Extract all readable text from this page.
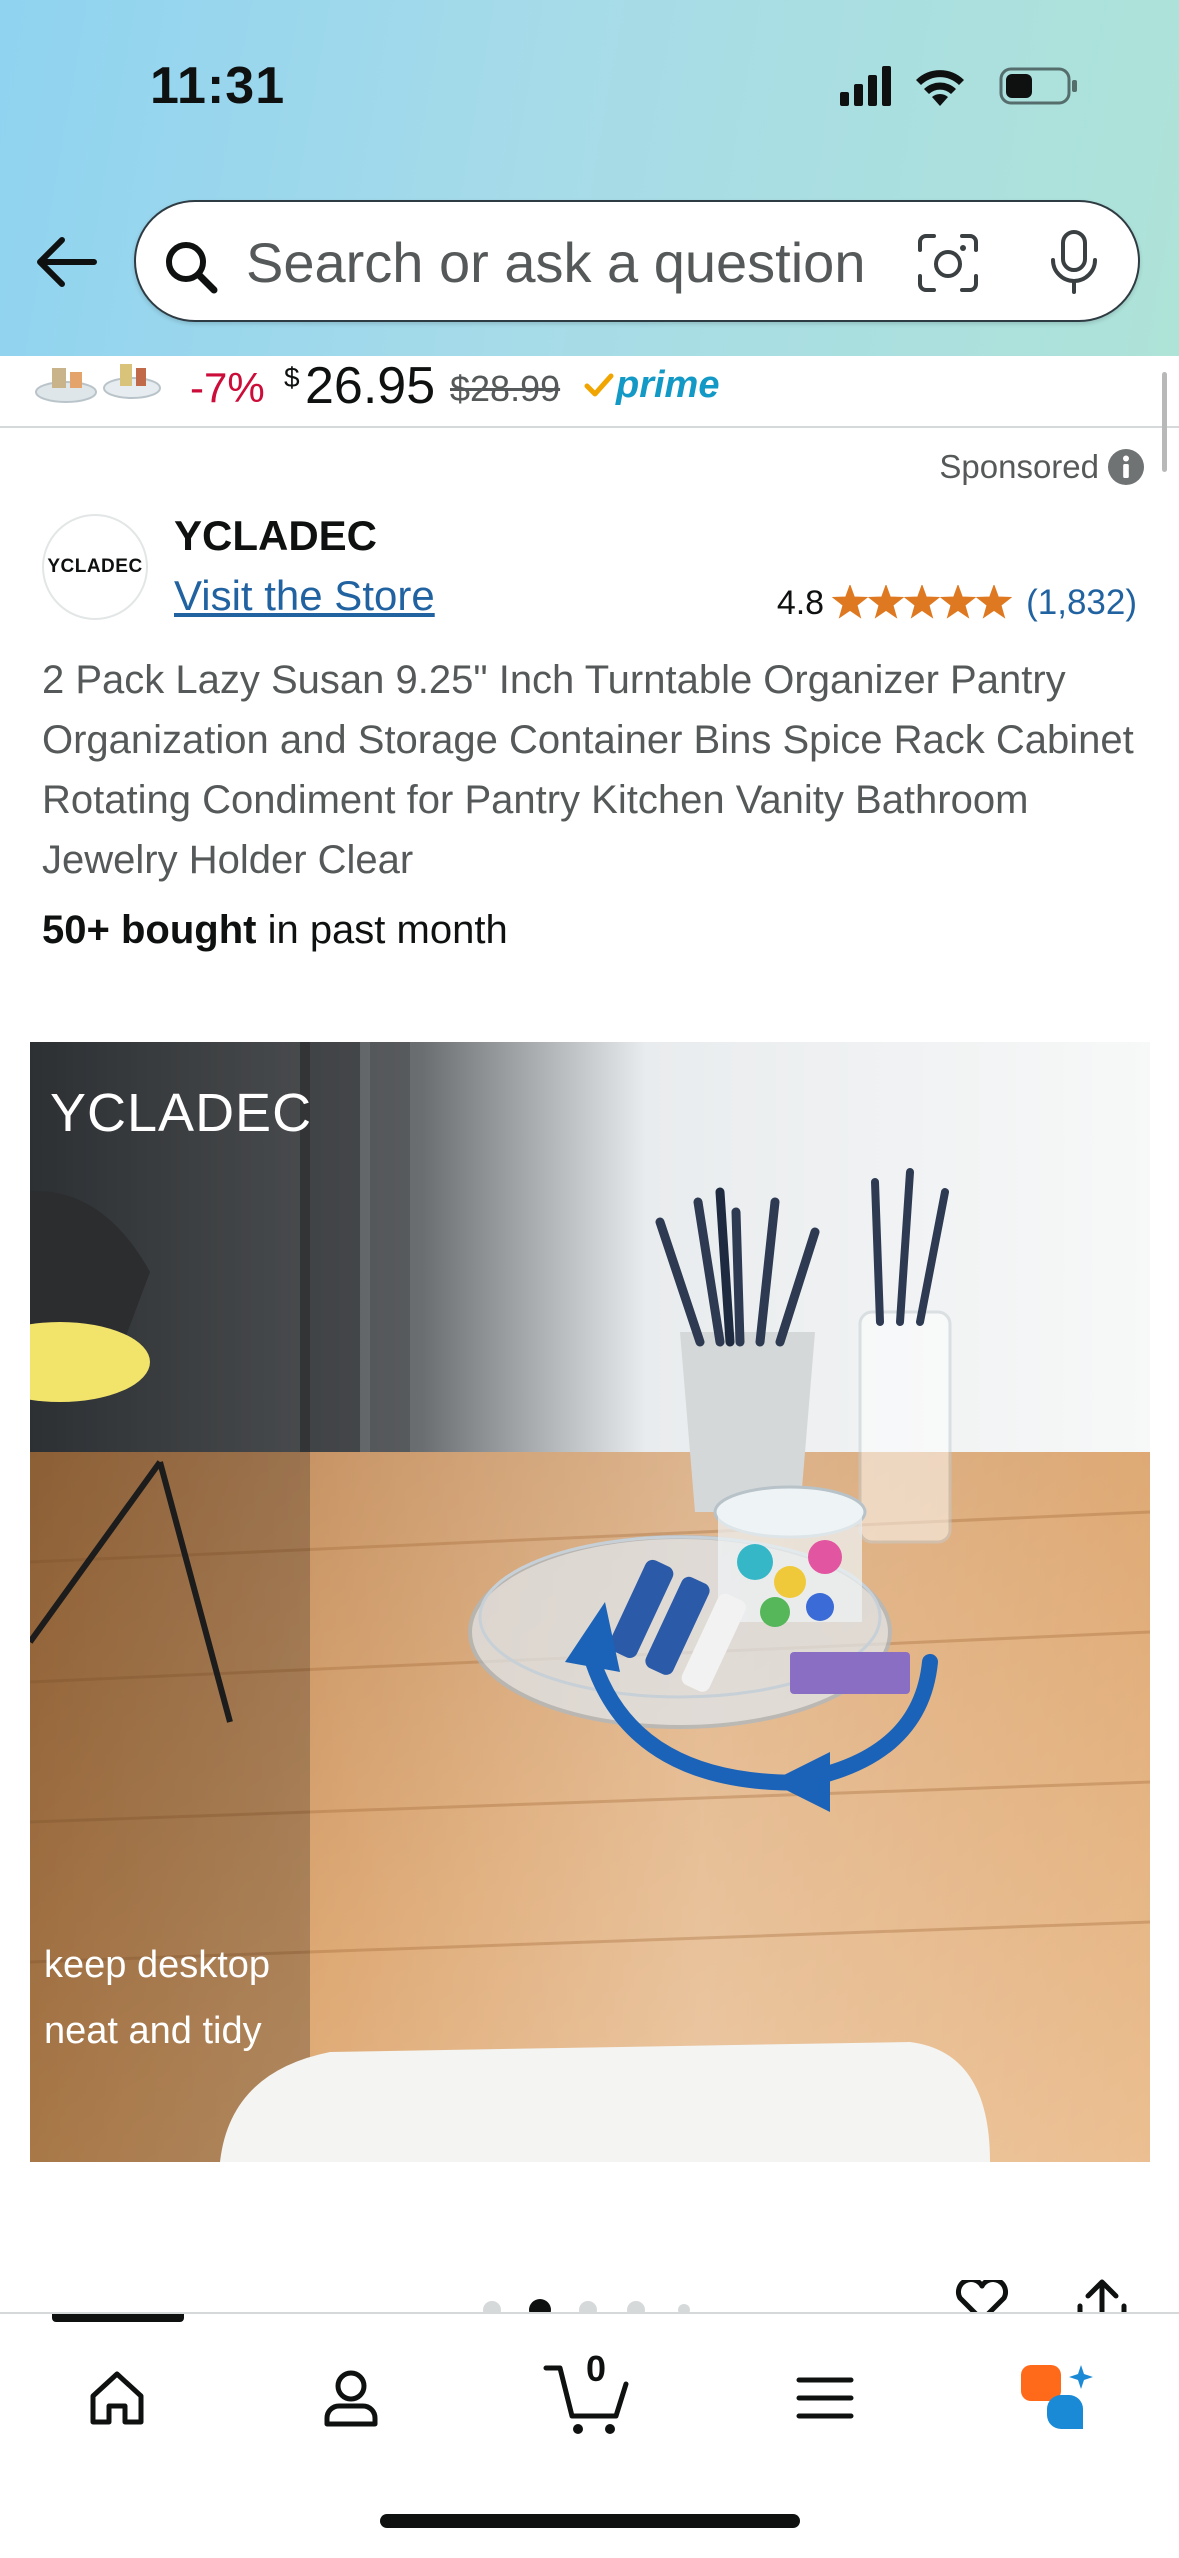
11:31
Search or ask a question
-7% $ 26.95 $28.99 prime
Sponsored
YCLADEC
YCLADEC
Visit the Store	4.8	(1,832)
2 Pack Lazy Susan 9.25" Inch Turntable Organizer Pantry Organization and Storage Container Bins Spice Rack Cabinet Rotating Condiment for Pantry Kitchen Vanity Bathroom Jewelry Holder Clear
50+ bought in past month
YCLADEC
keep desktop
neat and tidy
0
